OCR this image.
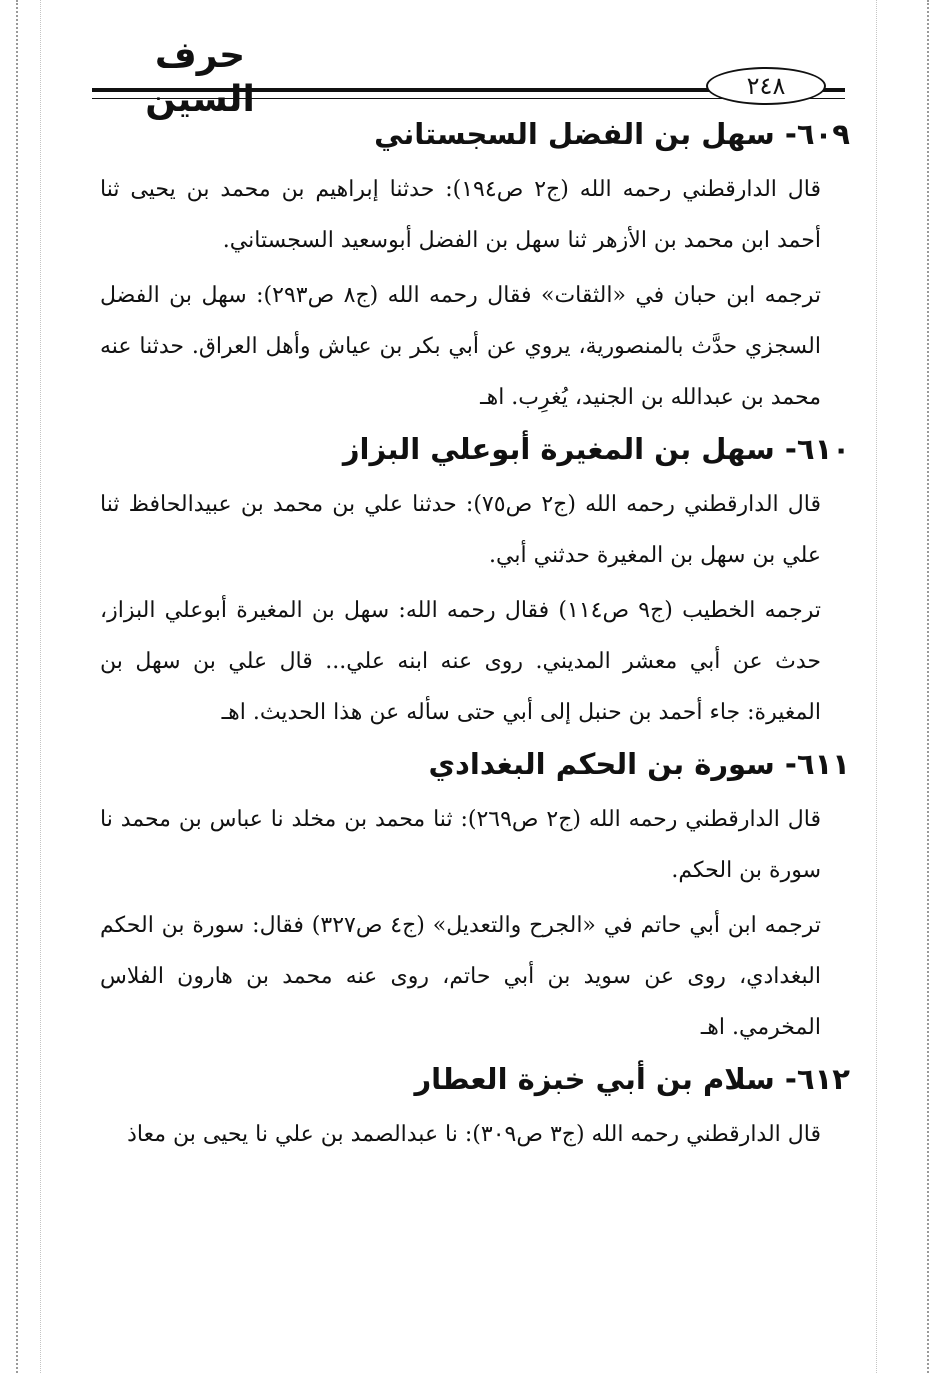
حرف السين	٢٤٨
٦٠٩- سهل بن الفضل السجستاني

قال الدارقطني رحمه الله (ج٢ ص١٩٤): حدثنا إبراهيم بن محمد بن يحيى ثنا أحمد ابن محمد بن الأزهر ثنا سهل بن الفضل أبوسعيد السجستاني.

ترجمه ابن حبان في «الثقات» فقال رحمه الله (ج٨ ص٢٩٣): سهل بن الفضل السجزي حدَّث بالمنصورية، يروي عن أبي بكر بن عياش وأهل العراق. حدثنا عنه محمد بن عبدالله بن الجنيد، يُغرِب. اهـ

٦١٠- سهل بن المغيرة أبوعلي البزاز

قال الدارقطني رحمه الله (ج٢ ص٧٥): حدثنا علي بن محمد بن عبيدالحافظ ثنا علي بن سهل بن المغيرة حدثني أبي.

ترجمه الخطيب (ج٩ ص١١٤) فقال رحمه الله: سهل بن المغيرة أبوعلي البزاز، حدث عن أبي معشر المديني. روى عنه ابنه علي... قال علي بن سهل بن المغيرة: جاء أحمد بن حنبل إلى أبي حتى سأله عن هذا الحديث. اهـ

٦١١- سورة بن الحكم البغدادي

قال الدارقطني رحمه الله (ج٢ ص٢٦٩): ثنا محمد بن مخلد نا عباس بن محمد نا سورة بن الحكم.

ترجمه ابن أبي حاتم في «الجرح والتعديل» (ج٤ ص٣٢٧) فقال: سورة بن الحكم البغدادي، روى عن سويد بن أبي حاتم، روى عنه محمد بن هارون الفلاس المخرمي. اهـ

٦١٢- سلام بن أبي خبزة العطار

قال الدارقطني رحمه الله (ج٣ ص٣٠٩): نا عبدالصمد بن علي نا يحيى بن معاذ
